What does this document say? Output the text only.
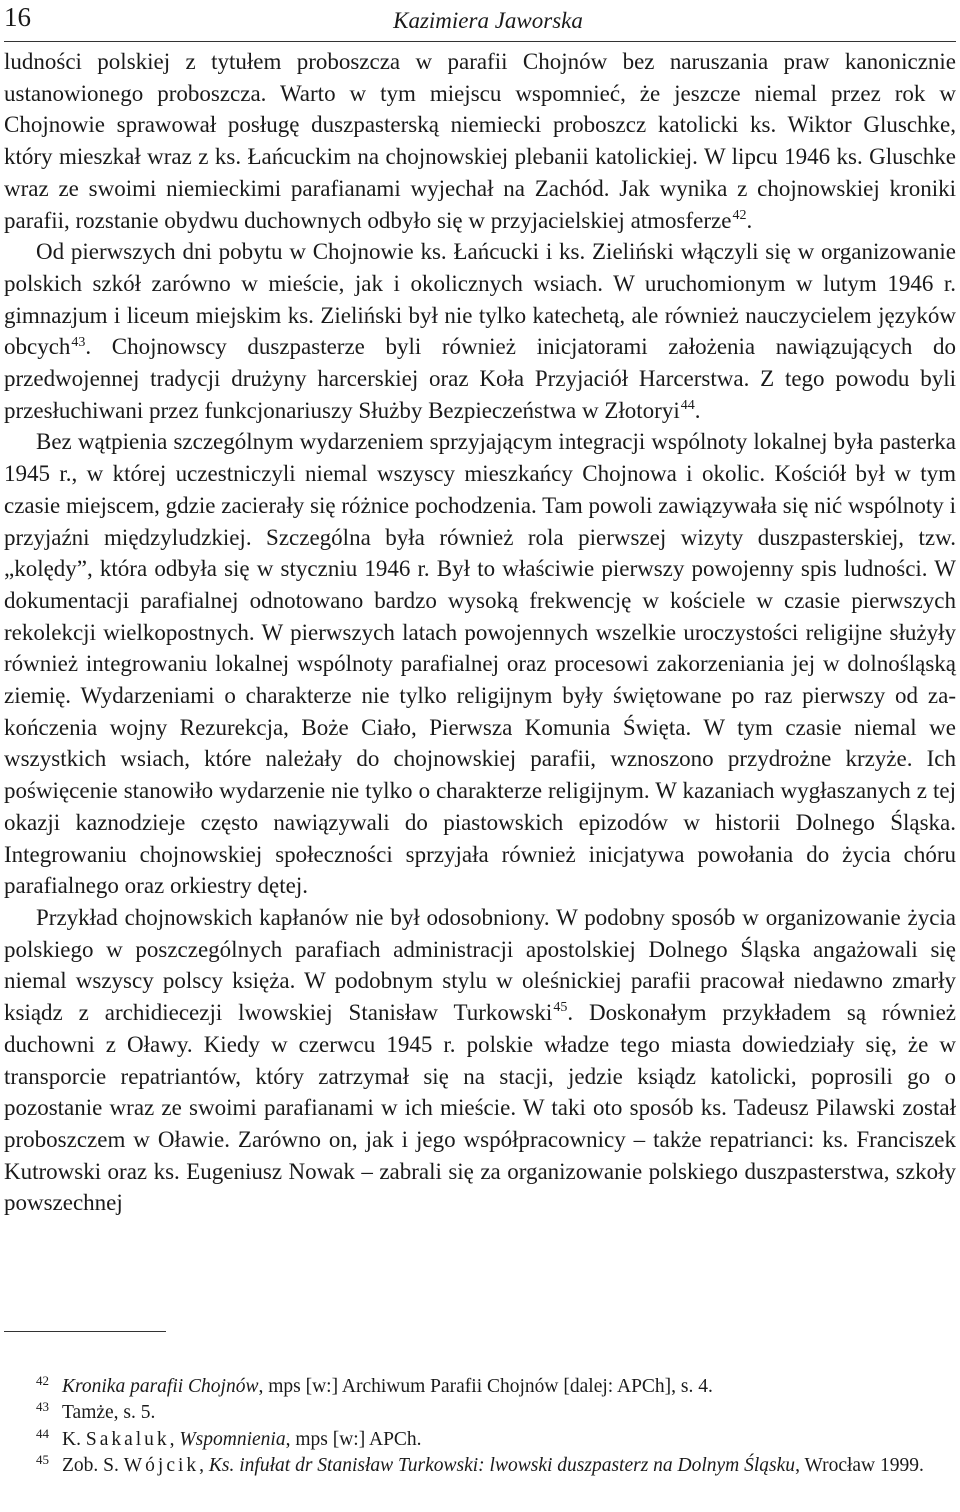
16	Kazimiera Jaworska

ludności polskiej z tytułem proboszcza w parafii Chojnów bez naruszania praw kanonicznie ustanowionego proboszcza. Warto w tym miejscu wspomnieć, że jeszcze niemal przez rok w Chojnowie sprawował posługę duszpasterską niemiecki proboszcz katolicki ks. Wiktor Gluschke, który mieszkał wraz z ks. Łańcuckim na chojnowskiej plebanii katolickiej. W lipcu 1946 ks. Gluschke wraz ze swoimi niemieckimi parafianami wyjechał na Zachód. Jak wynika z chojnowskiej kroniki parafii, rozstanie obydwu duchownych odbyło się w przyjacielskiej atmosferze$^{42}$.

Od pierwszych dni pobytu w Chojnowie ks. Łańcucki i ks. Zieliński włączyli się w organizowanie polskich szkół zarówno w mieście, jak i okolicznych wsiach. W uruchomionym w lutym 1946 r. gimnazjum i liceum miejskim ks. Zieliński był nie tylko katechetą, ale również nauczycielem języków obcych$^{43}$. Chojnowscy duszpasterze byli również inicjatorami założenia nawiązujących do przedwojennej tradycji drużyny harcerskiej oraz Koła Przyjaciół Harcerstwa. Z tego powodu byli przesłuchiwani przez funkcjonariuszy Służby Bezpieczeństwa w Złotoryi$^{44}$.

Bez wątpienia szczególnym wydarzeniem sprzyjającym integracji wspólnoty lokalnej była pasterka 1945 r., w której uczestniczyli niemal wszyscy mieszkańcy Chojnowa i okolic. Kościół był w tym czasie miejscem, gdzie zacierały się różnice pochodzenia. Tam powoli zawiązywała się nić wspólnoty i przyjaźni międzyludzkiej. Szczególna była również rola pierwszej wizyty duszpasterskiej, tzw. „kolędy”, która odbyła się w styczniu 1946 r. Był to właściwie pierwszy powojenny spis ludności. W dokumentacji parafialnej odnotowano bardzo wysoką frekwencję w kościele w czasie pierwszych rekolekcji wielkopostnych. W pierwszych latach powojennych wszelkie uroczystości religijne służyły również integrowaniu lokalnej wspólnoty parafialnej oraz procesowi zakorzeniania jej w dolnośląską ziemię. Wydarzeniami o charakterze nie tylko religijnym były świętowane po raz pierwszy od zakończenia wojny Rezurekcja, Boże Ciało, Pierwsza Komunia Święta. W tym czasie niemal we wszystkich wsiach, które należały do chojnowskiej parafii, wznoszono przydrożne krzyże. Ich poświęcenie stanowiło wydarzenie nie tylko o charakterze religijnym. W kazaniach wygłaszanych z tej okazji kaznodzieje często nawiązywali do piastowskich epizodów w historii Dolnego Śląska. Integrowaniu chojnowskiej społeczności sprzyjała również inicjatywa powołania do życia chóru parafialnego oraz orkiestry dętej.

Przykład chojnowskich kapłanów nie był odosobniony. W podobny sposób w organizowanie życia polskiego w poszczególnych parafiach administracji apostolskiej Dolnego Śląska angażowali się niemal wszyscy polscy księża. W podobnym stylu w oleśnickiej parafii pracował niedawno zmarły ksiądz z archidiecezji lwowskiej Stanisław Turkowski$^{45}$. Doskonałym przykładem są również duchowni z Oławy. Kiedy w czerwcu 1945 r. polskie władze tego miasta dowiedziały się, że w transporcie repatriantów, który zatrzymał się na stacji, jedzie ksiądz katolicki, poprosili go o pozostanie wraz ze swoimi parafianami w ich mieście. W taki oto sposób ks. Tadeusz Pilawski został proboszczem w Oławie. Zarówno on, jak i jego współpracownicy – także repatrianci: ks. Franciszek Kutrowski oraz ks. Eugeniusz Nowak – zabrali się za organizowanie polskiego duszpasterstwa, szkoły powszechnej

42 Kronika parafii Chojnów, mps [w:] Archiwum Parafii Chojnów [dalej: APCh], s. 4.
43 Tamże, s. 5.
44 K. Sakaluk, Wspomnienia, mps [w:] APCh.
45 Zob. S. Wójcik, Ks. infułat dr Stanisław Turkowski: lwowski duszpasterz na Dolnym Śląsku, Wrocław 1999.
